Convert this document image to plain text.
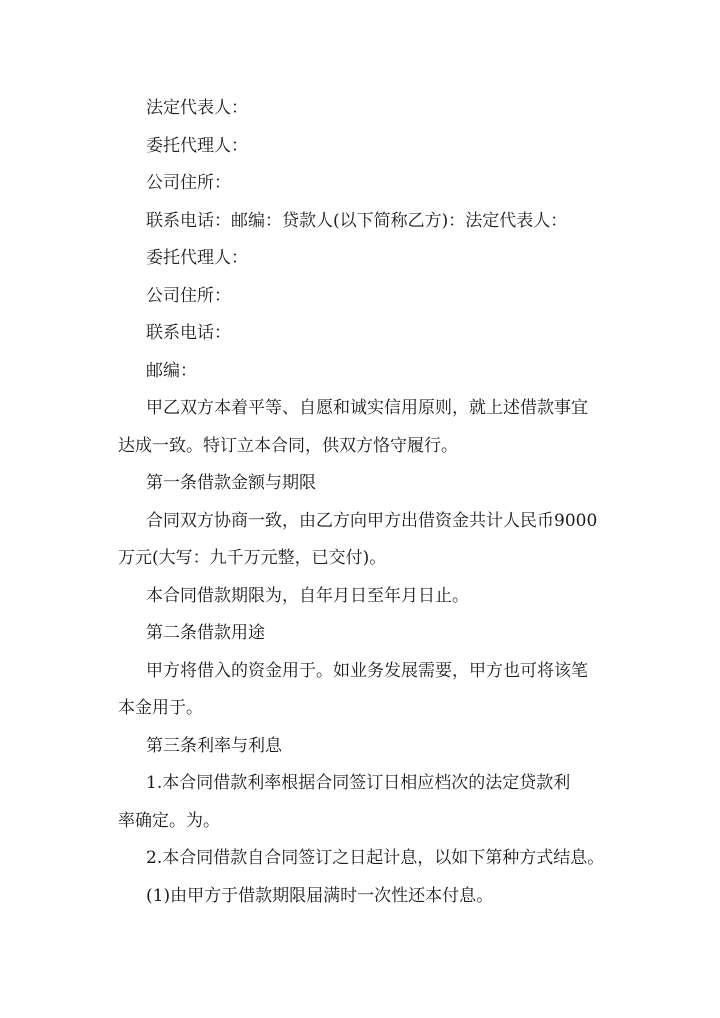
法定代表人：

委托代理人：

公司住所：

联系电话：邮编：贷款人(以下简称乙方)：法定代表人：

委托代理人：

公司住所：

联系电话：

邮编：

甲乙双方本着平等、自愿和诚实信用原则，就上述借款事宜
达成一致。特订立本合同，供双方恪守履行。

第一条借款金额与期限

合同双方协商一致，由乙方向甲方出借资金共计人民币9000
万元(大写：九千万元整，已交付)。

本合同借款期限为，自年月日至年月日止。

第二条借款用途

甲方将借入的资金用于。如业务发展需要，甲方也可将该笔
本金用于。

第三条利率与利息

1.本合同借款利率根据合同签订日相应档次的法定贷款利
率确定。为。

2.本合同借款自合同签订之日起计息，以如下第种方式结息。

(1)由甲方于借款期限届满时一次性还本付息。
